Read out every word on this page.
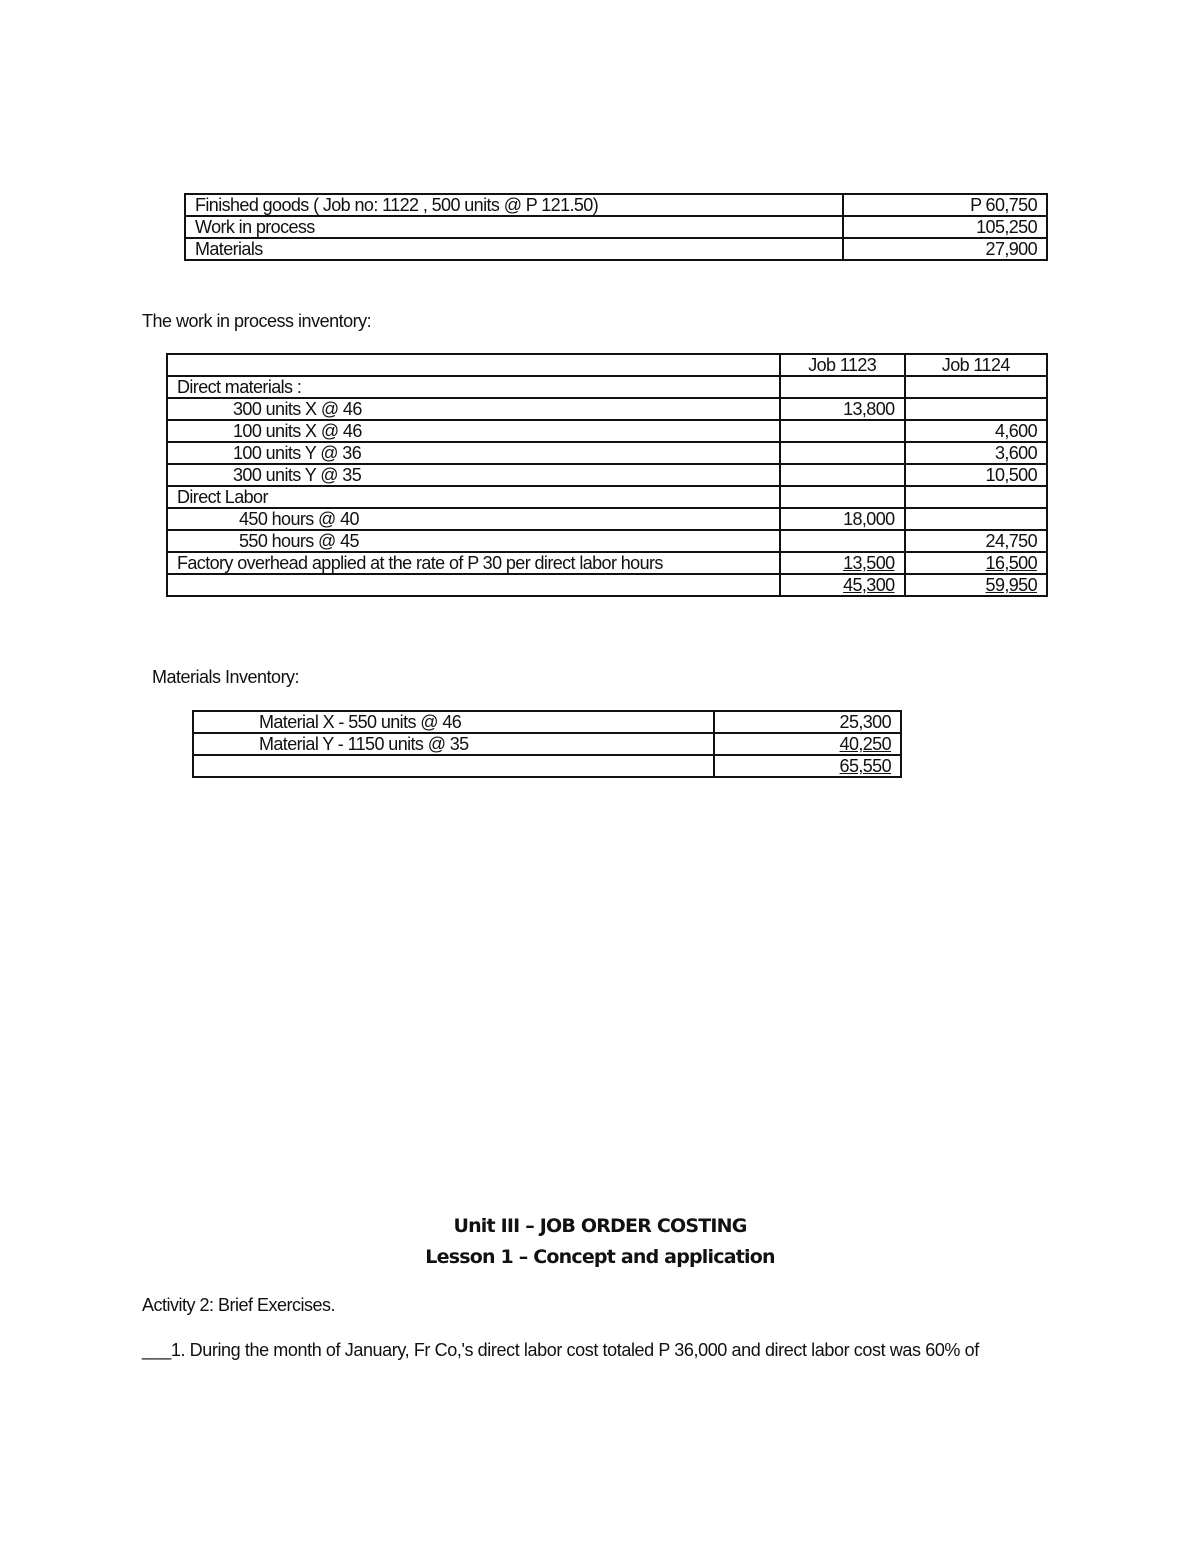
Finished goods ( Job no: 1122 , 500 units @ P 121.50)	P 60,750
Work in process	105,250
Materials	27,900
The work in process inventory:
	Job 1123	Job 1124
Direct materials :		
300 units X @ 46	13,800	
100 units X @ 46		4,600
100 units Y @ 36		3,600
300 units Y @ 35		10,500
Direct Labor		
450 hours @ 40	18,000	
550 hours @ 45		24,750
Factory overhead applied at the rate of P 30 per direct labor hours	13,500	16,500
	45,300	59,950
Materials Inventory:
Material X - 550 units @ 46	25,300
Material Y - 1150 units @ 35	40,250
	65,550
Unit III – JOB ORDER COSTING
Lesson 1 – Concept and application
Activity 2: Brief Exercises.
___1. During the month of January, Fr Co,'s direct labor cost totaled P 36,000 and direct labor cost was 60% of
